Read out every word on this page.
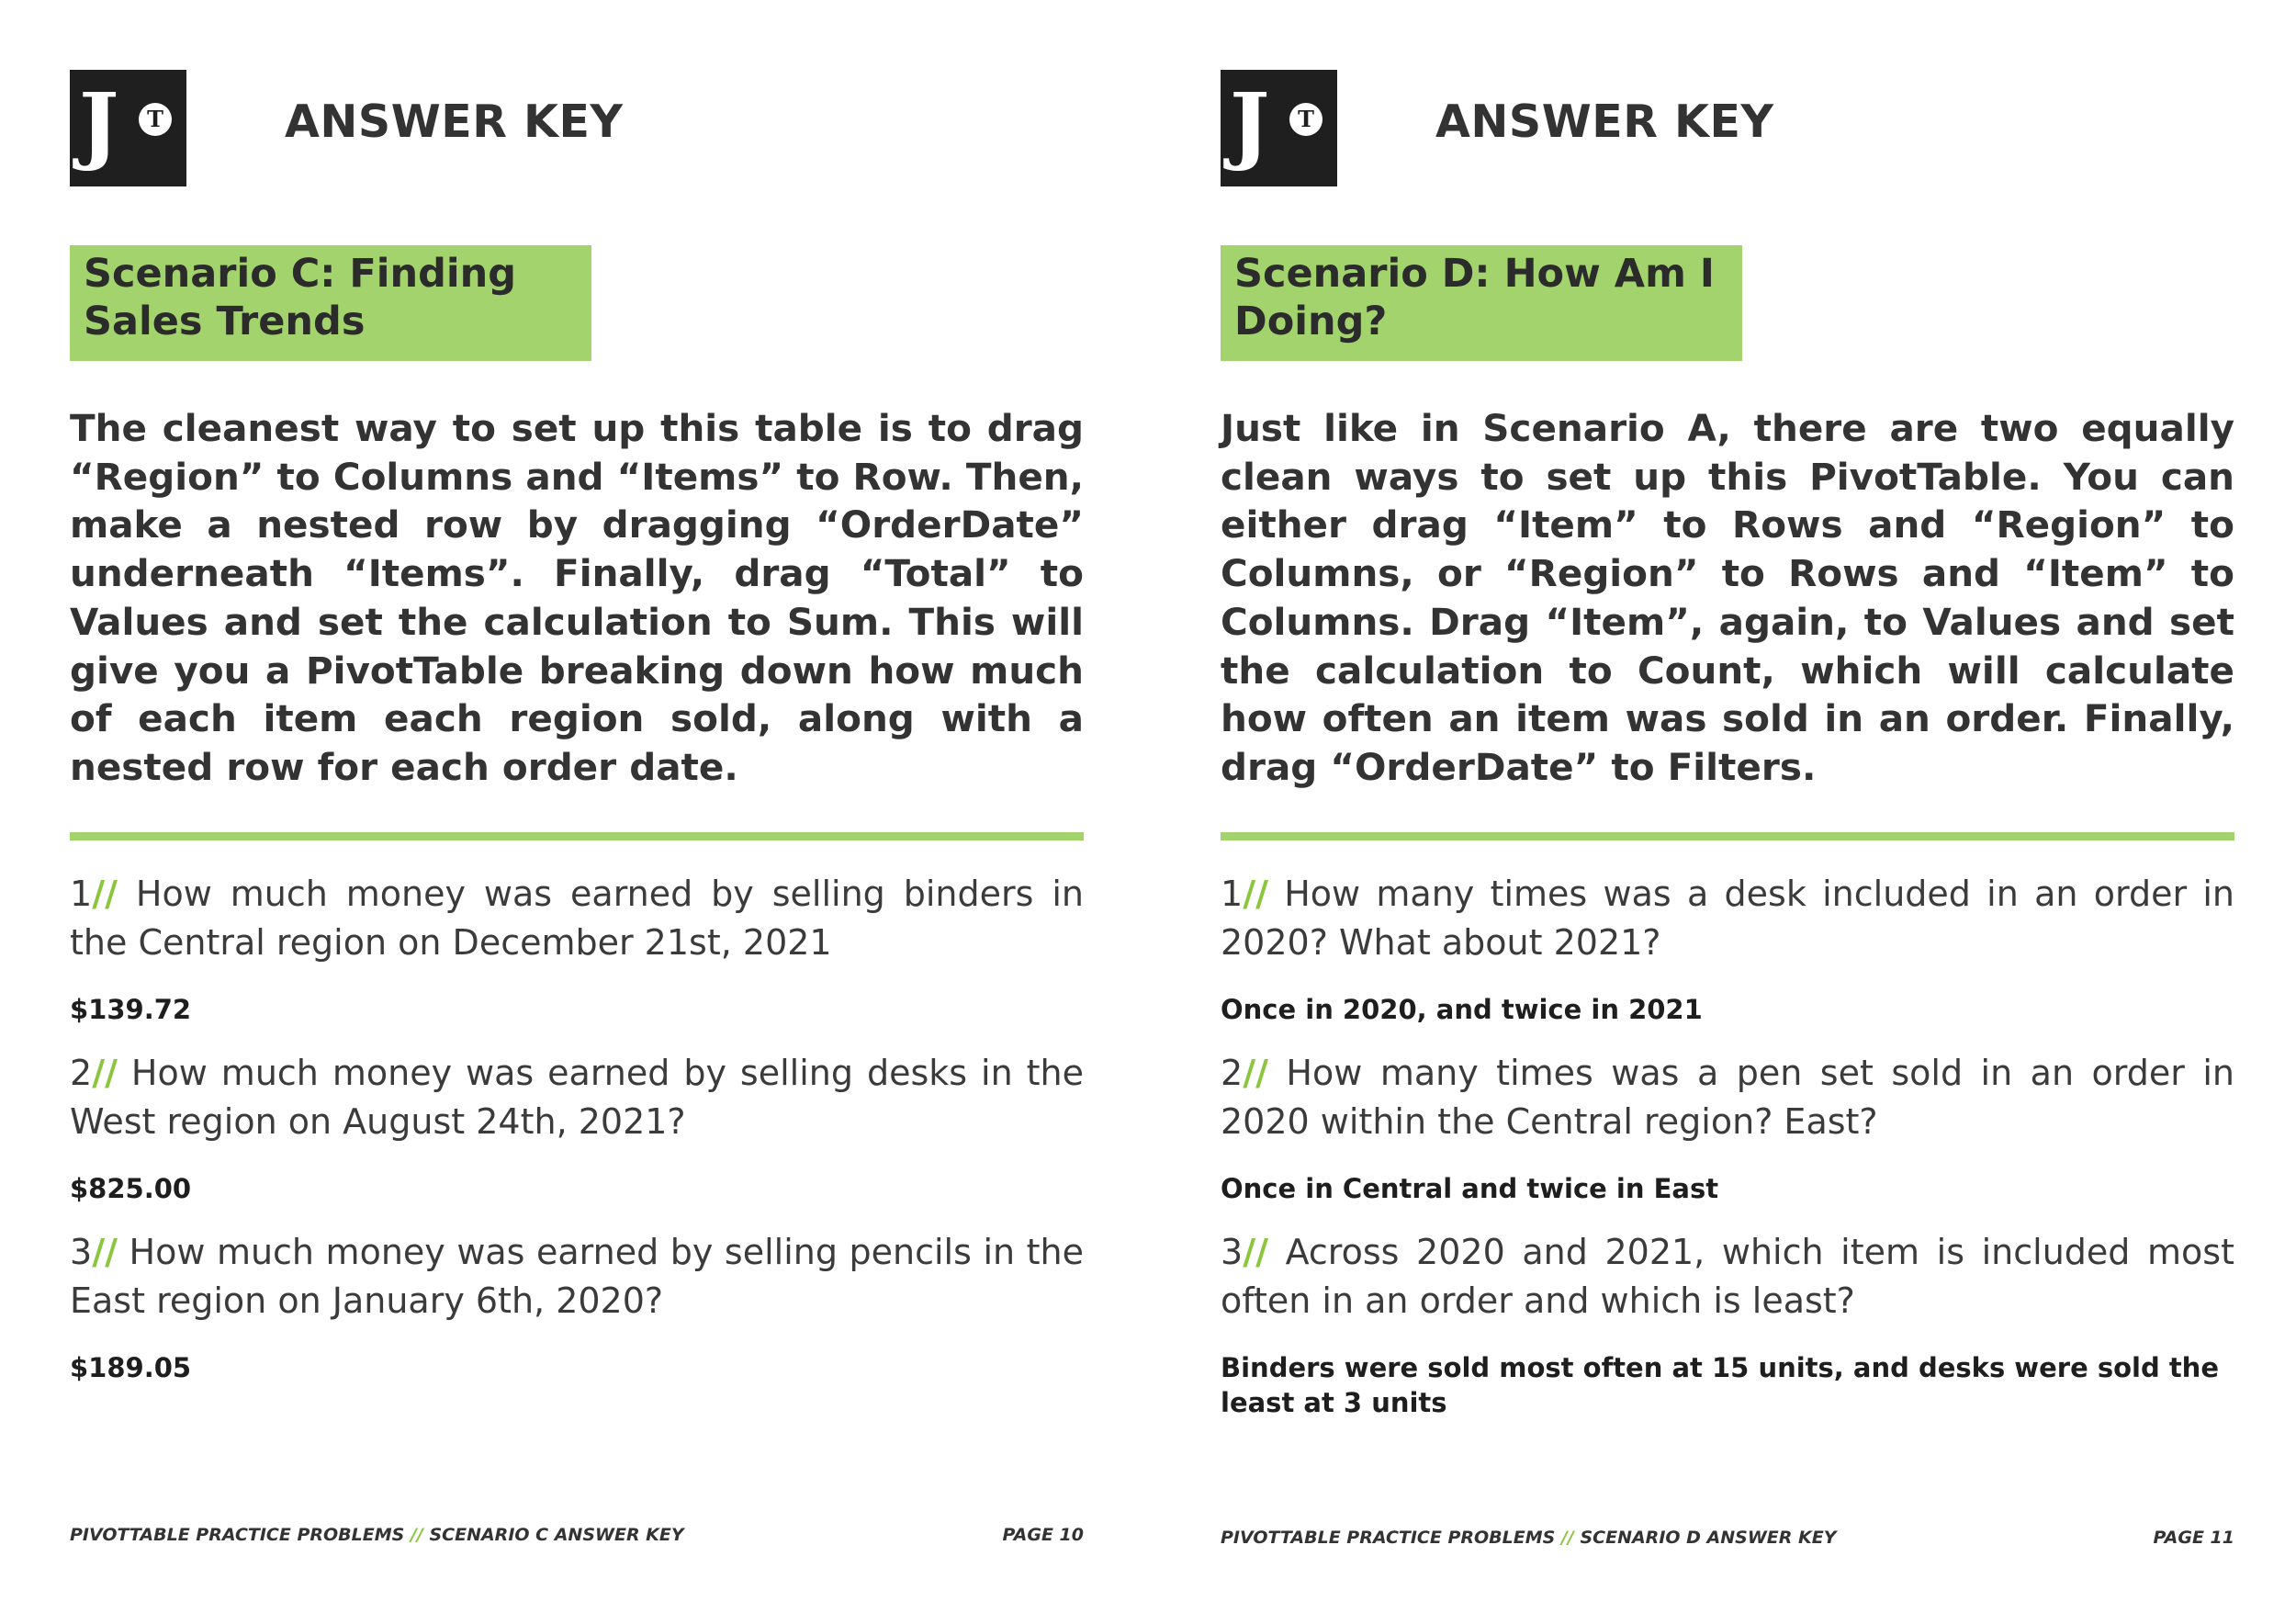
J	T	ANSWER KEY
Scenario C: Finding Sales Trends

The cleanest way to set up this table is to drag “Region” to Columns and “Items” to Row. Then, make a nested row by dragging “OrderDate” underneath “Items”. Finally, drag “Total” to Values and set the calculation to Sum. This will give you a PivotTable breaking down how much of each item each region sold, along with a nested row for each order date.

1// How much money was earned by selling binders in the Central region on December 21st, 2021

$139.72

2// How much money was earned by selling desks in the West region on August 24th, 2021?

$825.00

3// How much money was earned by selling pencils in the East region on January 6th, 2020?

$189.05

PIVOTTABLE PRACTICE PROBLEMS // SCENARIO C ANSWER KEY	PAGE 10
J	T	ANSWER KEY
Scenario D: How Am I Doing?

Just like in Scenario A, there are two equally clean ways to set up this PivotTable. You can either drag “Item” to Rows and “Region” to Columns, or “Region” to Rows and “Item” to Columns. Drag “Item”, again, to Values and set the calculation to Count, which will calculate how often an item was sold in an order. Finally, drag “OrderDate” to Filters.

1// How many times was a desk included in an order in 2020? What about 2021?

Once in 2020, and twice in 2021

2// How many times was a pen set sold in an order in 2020 within the Central region? East?

Once in Central and twice in East

3// Across 2020 and 2021, which item is included most often in an order and which is least?

Binders were sold most often at 15 units, and desks were sold the least at 3 units

PIVOTTABLE PRACTICE PROBLEMS // SCENARIO D ANSWER KEY	PAGE 11
